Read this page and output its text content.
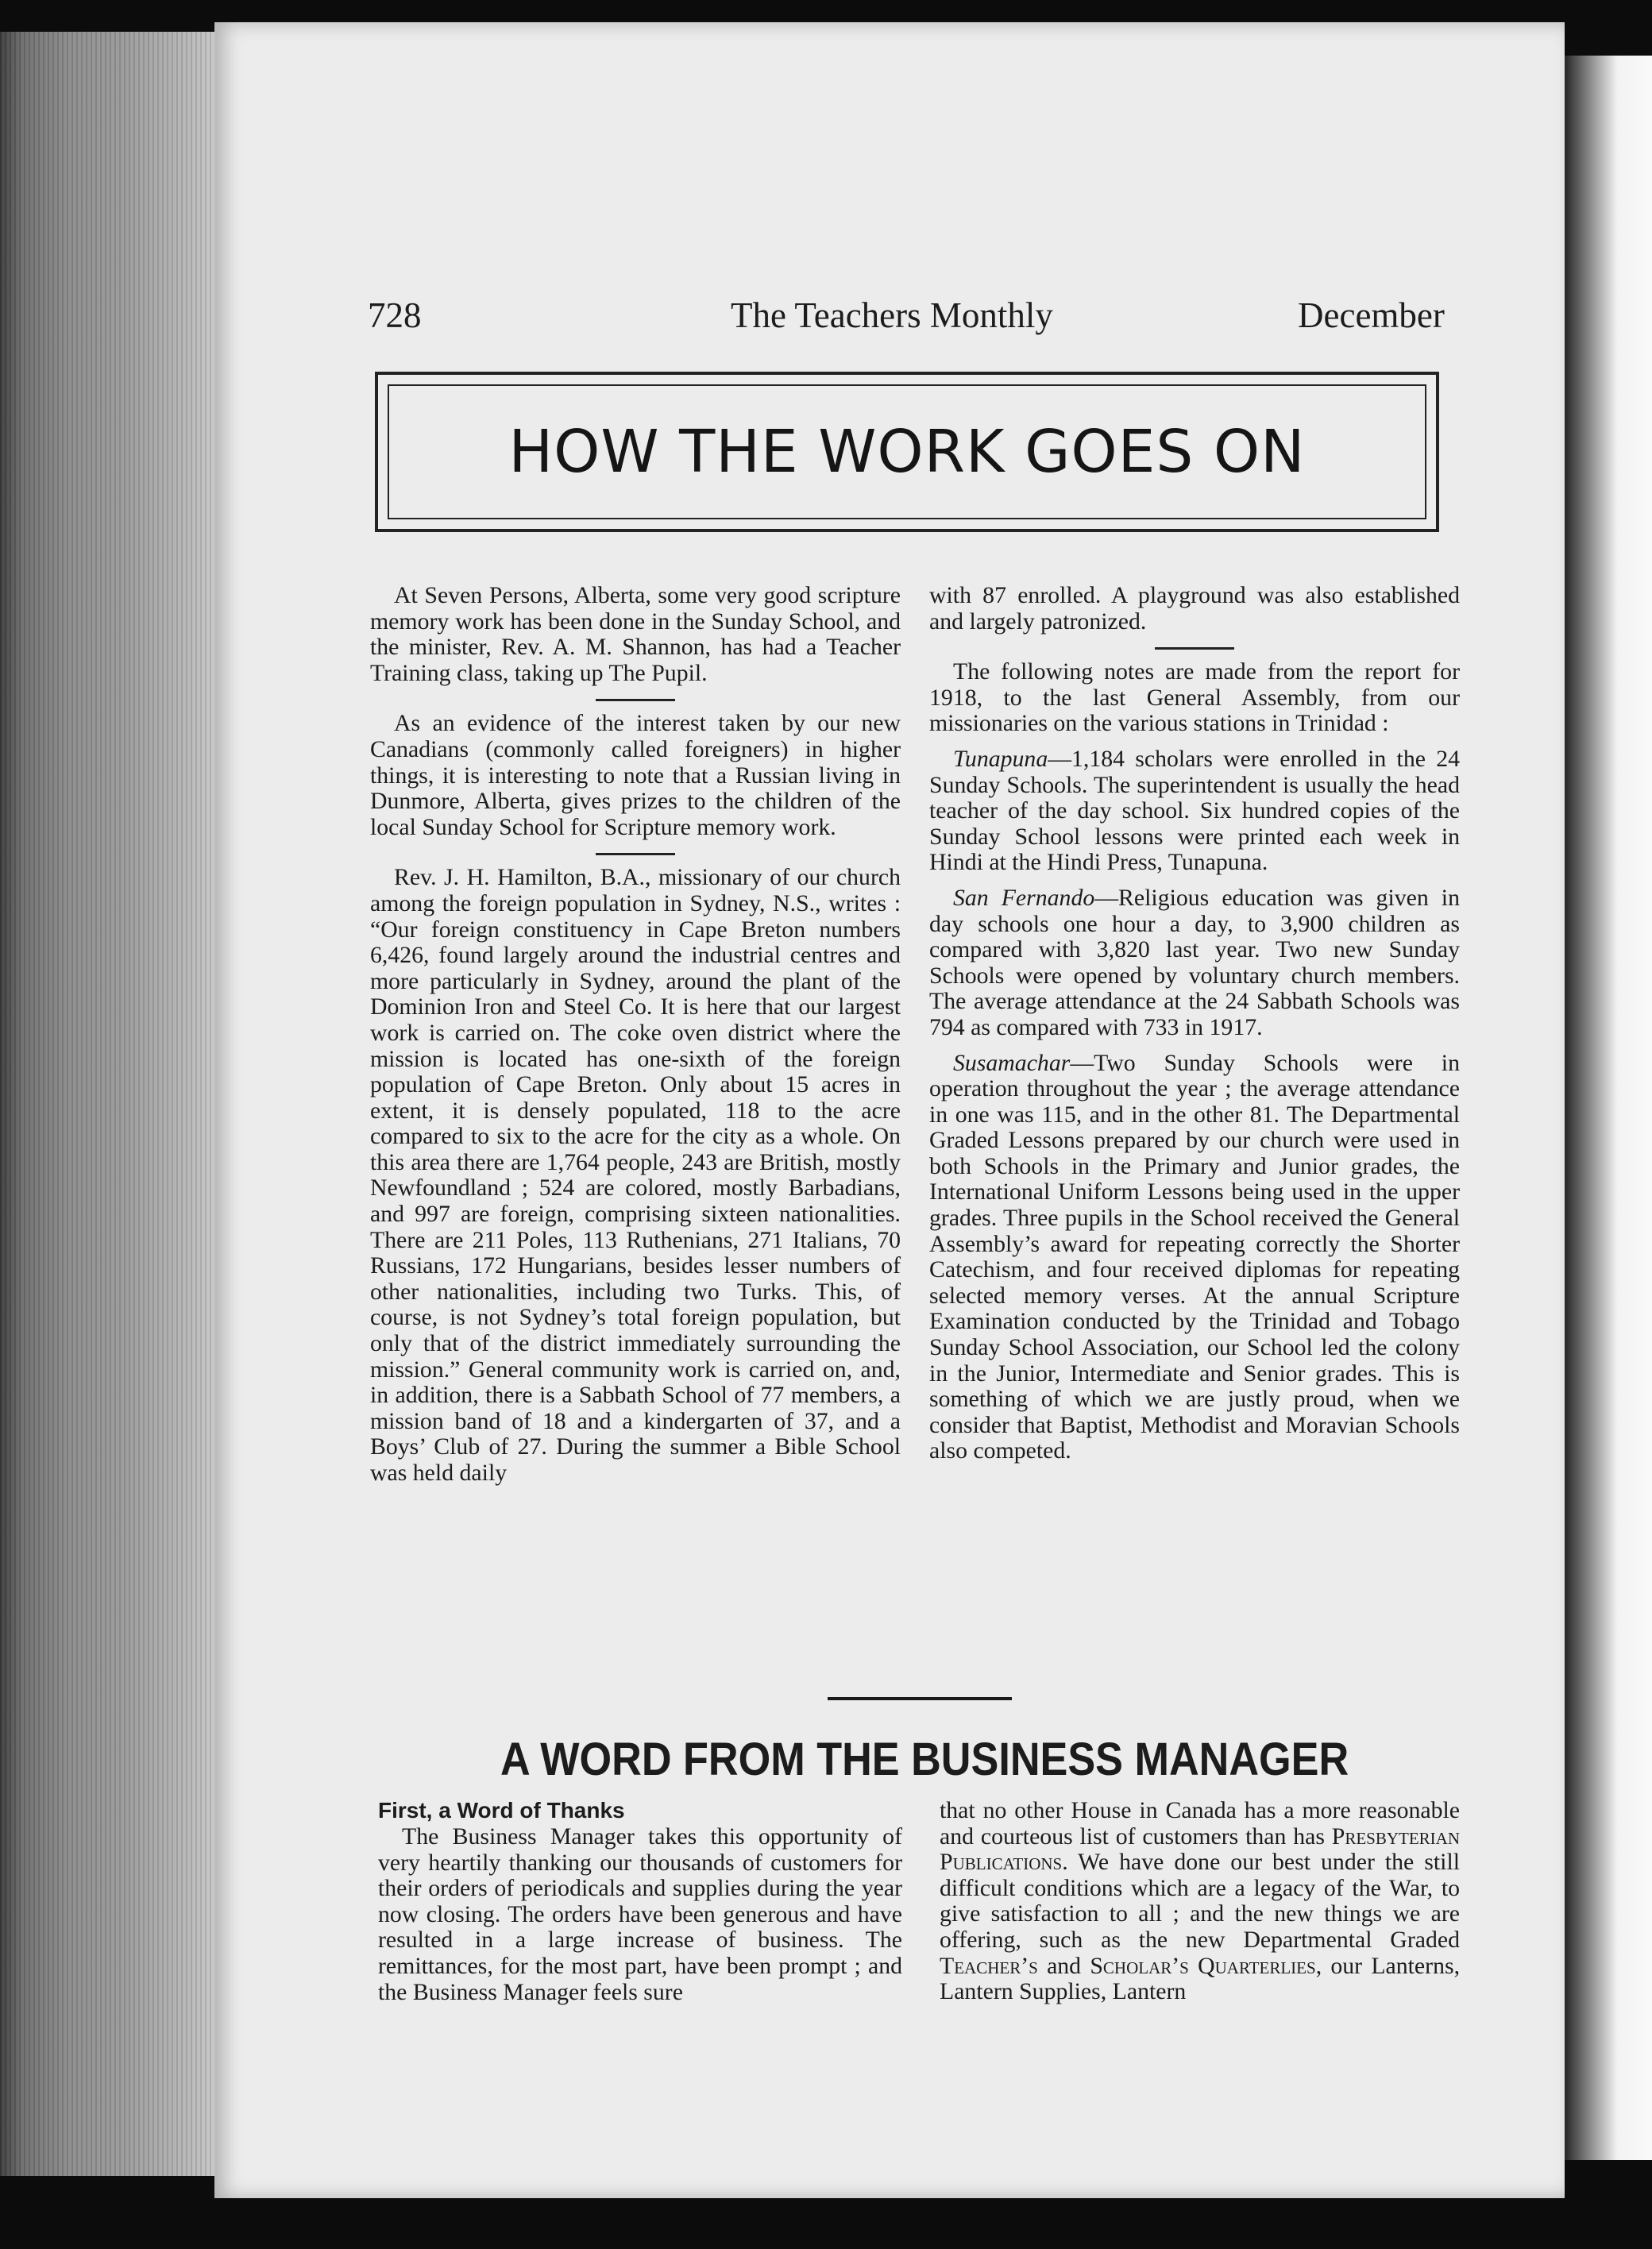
728	The Teachers Monthly	December
HOW THE WORK GOES ON

At Seven Persons, Alberta, some very good scripture memory work has been done in the Sunday School, and the minister, Rev. A. M. Shannon, has had a Teacher Training class, taking up The Pupil.

As an evidence of the interest taken by our new Canadians (commonly called foreigners) in higher things, it is interesting to note that a Russian living in Dunmore, Alberta, gives prizes to the children of the local Sunday School for Scripture memory work.

Rev. J. H. Hamilton, B.A., missionary of our church among the foreign population in Sydney, N.S., writes : “Our foreign constituency in Cape Breton numbers 6,426, found largely around the industrial centres and more particularly in Sydney, around the plant of the Dominion Iron and Steel Co. It is here that our largest work is carried on. The coke oven district where the mission is located has one-sixth of the foreign population of Cape Breton. Only about 15 acres in extent, it is densely populated, 118 to the acre compared to six to the acre for the city as a whole. On this area there are 1,764 people, 243 are British, mostly Newfoundland ; 524 are colored, mostly Barbadians, and 997 are foreign, comprising sixteen nationalities. There are 211 Poles, 113 Ruthenians, 271 Italians, 70 Russians, 172 Hungarians, besides lesser numbers of other nationalities, including two Turks. This, of course, is not Sydney’s total foreign population, but only that of the district immediately surrounding the mission.” General community work is carried on, and, in addition, there is a Sabbath School of 77 members, a mission band of 18 and a kindergarten of 37, and a Boys’ Club of 27. During the summer a Bible School was held daily

with 87 enrolled. A playground was also established and largely patronized.

The following notes are made from the report for 1918, to the last General Assembly, from our missionaries on the various stations in Trinidad :

Tunapuna—1,184 scholars were enrolled in the 24 Sunday Schools. The superintendent is usually the head teacher of the day school. Six hundred copies of the Sunday School lessons were printed each week in Hindi at the Hindi Press, Tunapuna.

San Fernando—Religious education was given in day schools one hour a day, to 3,900 children as compared with 3,820 last year. Two new Sunday Schools were opened by voluntary church members. The average attendance at the 24 Sabbath Schools was 794 as compared with 733 in 1917.

Susamachar—Two Sunday Schools were in operation throughout the year ; the average attendance in one was 115, and in the other 81. The Departmental Graded Lessons prepared by our church were used in both Schools in the Primary and Junior grades, the International Uniform Lessons being used in the upper grades. Three pupils in the School received the General Assembly’s award for repeating correctly the Shorter Catechism, and four received diplomas for repeating selected memory verses. At the annual Scripture Examination conducted by the Trinidad and Tobago Sunday School Association, our School led the colony in the Junior, Intermediate and Senior grades. This is something of which we are justly proud, when we consider that Baptist, Methodist and Moravian Schools also competed.

A WORD FROM THE BUSINESS MANAGER
First, a Word of Thanks

The Business Manager takes this opportunity of very heartily thanking our thousands of customers for their orders of periodicals and supplies during the year now closing. The orders have been generous and have resulted in a large increase of business. The remittances, for the most part, have been prompt ; and the Business Manager feels sure

that no other House in Canada has a more reasonable and courteous list of customers than has Presbyterian Publications. We have done our best under the still difficult conditions which are a legacy of the War, to give satisfaction to all ; and the new things we are offering, such as the new Departmental Graded Teacher’s and Scholar’s Quarterlies, our Lanterns, Lantern Supplies, Lantern
